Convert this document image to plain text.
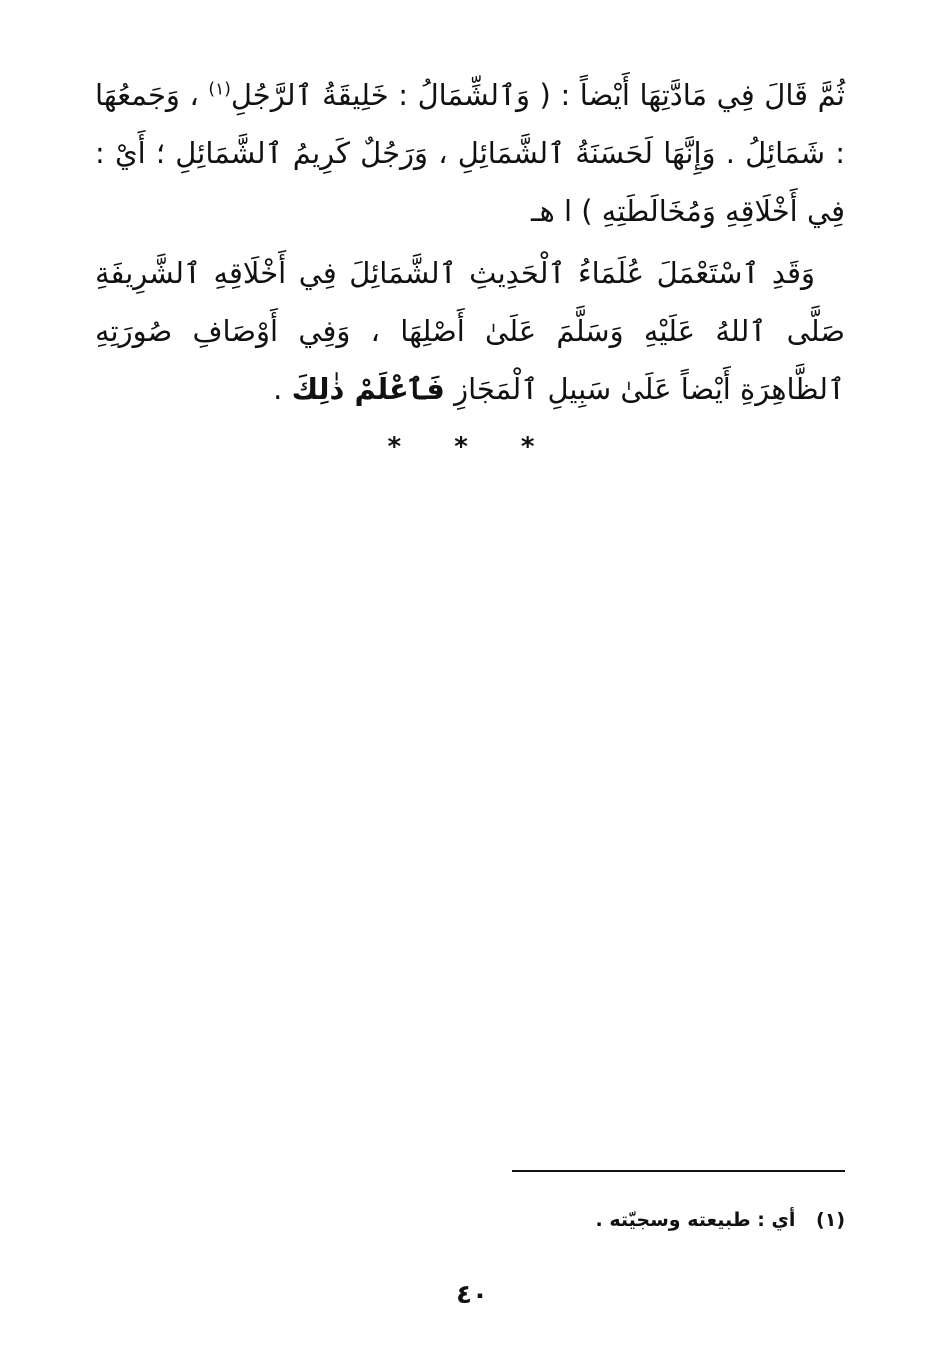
ثُمَّ قَالَ فِي مَادَّتِهَا أَيْضاً : ( وَٱلشِّمَالُ : خَلِيقَةُ ٱلرَّجُلِ$^{(١)}$ ، وَجَمعُهَا : شَمَائِلُ . وَإِنَّهَا لَحَسَنَةُ ٱلشَّمَائِلِ ، وَرَجُلٌ كَرِيمُ ٱلشَّمَائِلِ ؛ أَيْ : فِي أَخْلَاقِهِ وَمُخَالَطَتِهِ ) ا هـ

وَقَدِ ٱسْتَعْمَلَ عُلَمَاءُ ٱلْحَدِيثِ ٱلشَّمَائِلَ فِي أَخْلَاقِهِ ٱلشَّرِيفَةِ صَلَّى ٱللهُ عَلَيْهِ وَسَلَّمَ عَلَىٰ أَصْلِهَا ، وَفِي أَوْصَافِ صُورَتِهِ ٱلظَّاهِرَةِ أَيْضاً عَلَىٰ سَبِيلِ ٱلْمَجَازِ فَٱعْلَمْ ذٰلِكَ .

* * *
(١) أي : طبيعته وسجيّته .
٤٠
